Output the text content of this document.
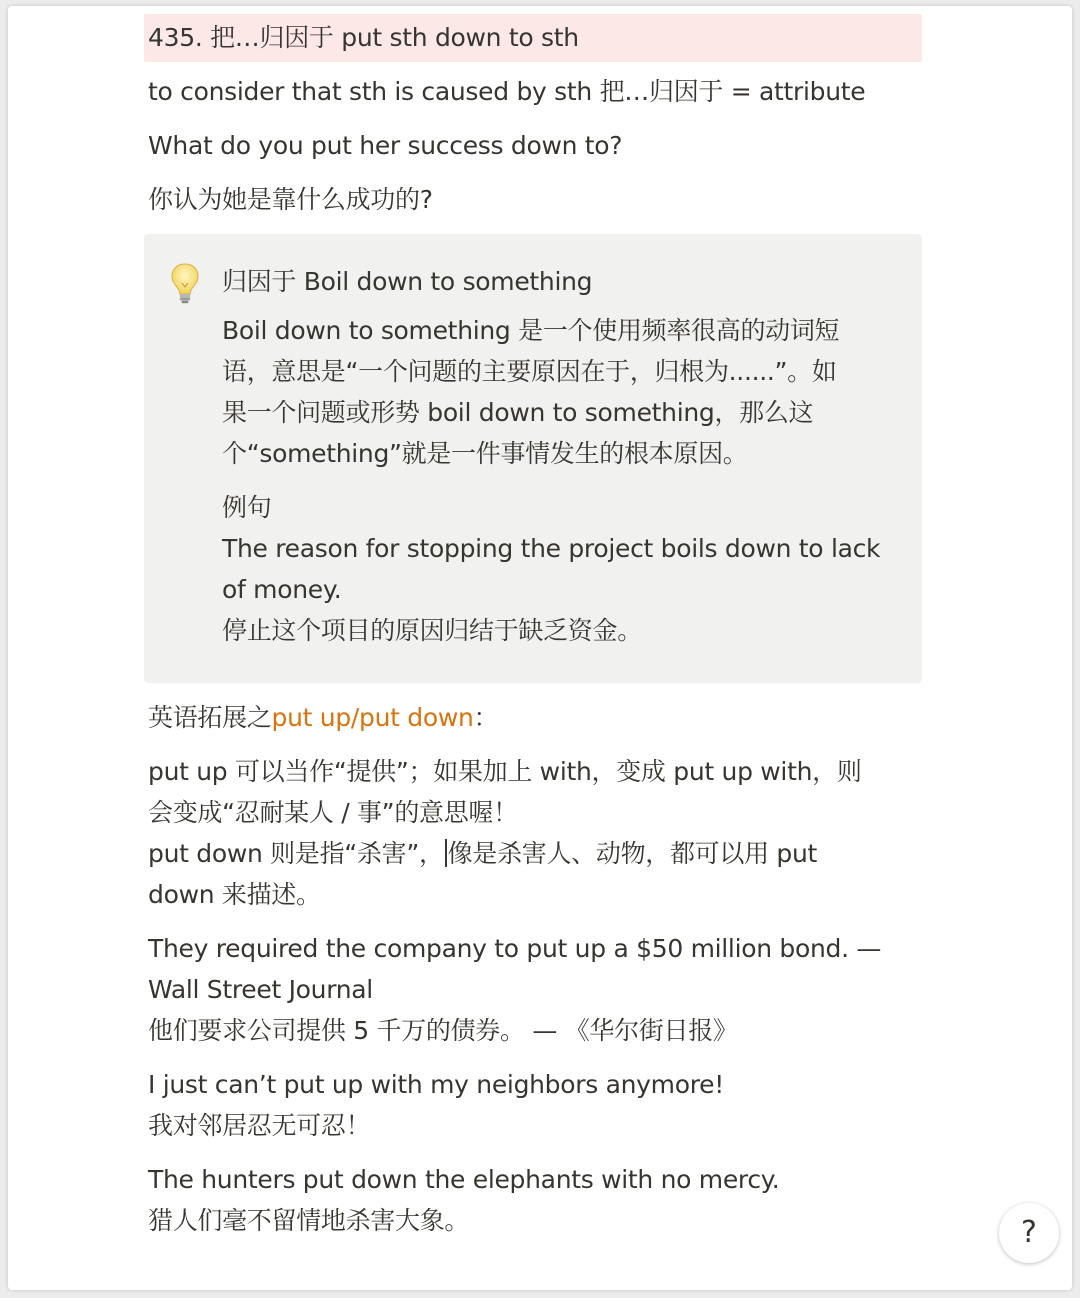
435. 把…归因于 put sth down to sth
to consider that sth is caused by sth 把…归因于 = attribute
What do you put her success down to?
你认为她是靠什么成功的?
归因于 Boil down to something
Boil down to something 是一个使用频率很高的动词短
语，意思是“一个问题的主要原因在于，归根为......”。如
果一个问题或形势 boil down to something，那么这
个“something”就是一件事情发生的根本原因。
例句
The reason for stopping the project boils down to lack
of money.
停止这个项目的原因归结于缺乏资金。
英语拓展之put up/put down：
put up 可以当作“提供”；如果加上 with，变成 put up with，则
会变成“忍耐某人 / 事”的意思喔！
put down 则是指“杀害”， 像是杀害人、动物，都可以用 put
down 来描述。
They required the company to put up a $50 million bond. —
Wall Street Journal
他们要求公司提供 5 千万的债券。 — 《华尔街日报》
I just can’t put up with my neighbors anymore!
我对邻居忍无可忍！
The hunters put down the elephants with no mercy.
猎人们毫不留情地杀害大象。	?
